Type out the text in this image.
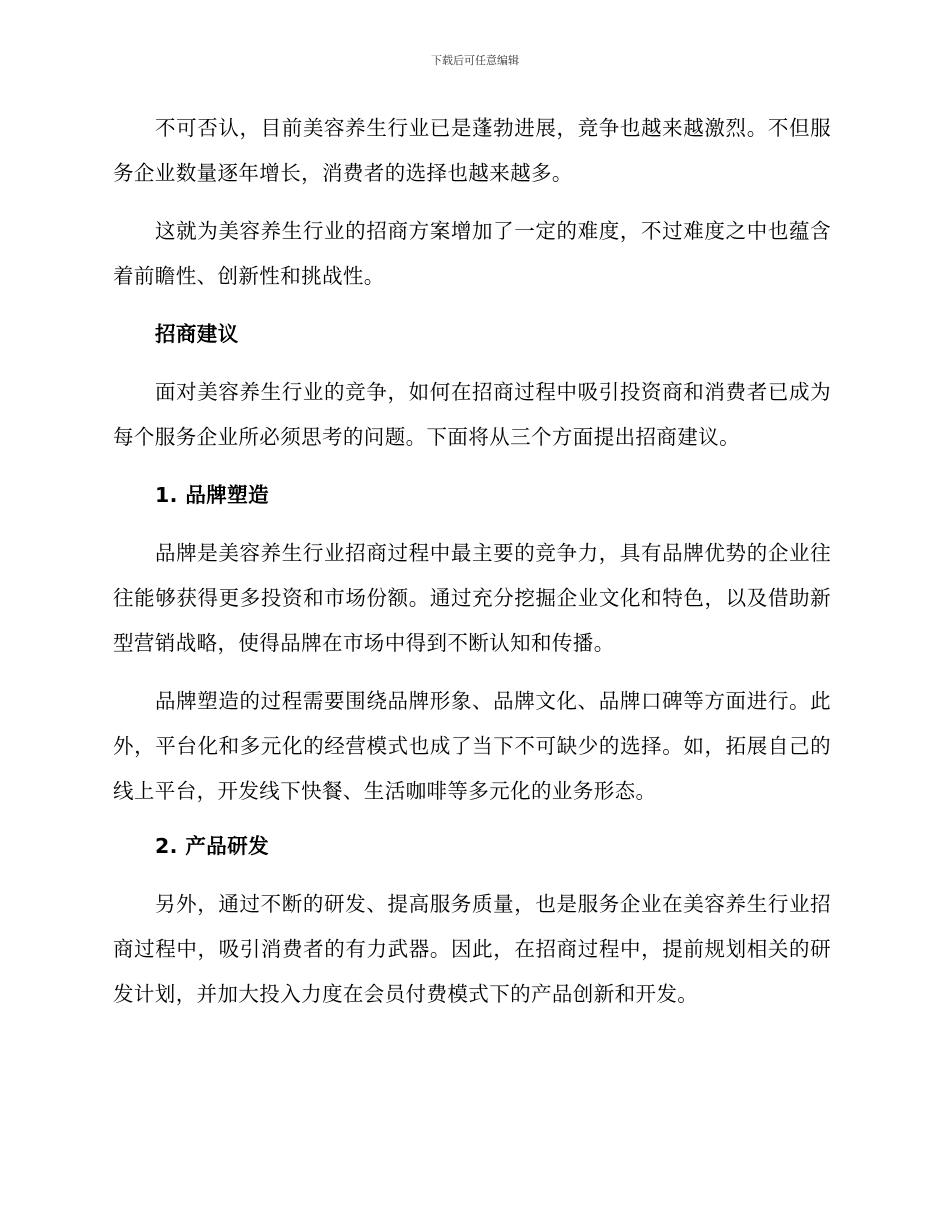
下载后可任意编辑

不可否认，目前美容养生行业已是蓬勃进展，竞争也越来越激烈。不但服务企业数量逐年增长，消费者的选择也越来越多。

这就为美容养生行业的招商方案增加了一定的难度，不过难度之中也蕴含着前瞻性、创新性和挑战性。

招商建议

面对美容养生行业的竞争，如何在招商过程中吸引投资商和消费者已成为每个服务企业所必须思考的问题。下面将从三个方面提出招商建议。

1. 品牌塑造

品牌是美容养生行业招商过程中最主要的竞争力，具有品牌优势的企业往往能够获得更多投资和市场份额。通过充分挖掘企业文化和特色，以及借助新型营销战略，使得品牌在市场中得到不断认知和传播。

品牌塑造的过程需要围绕品牌形象、品牌文化、品牌口碑等方面进行。此外，平台化和多元化的经营模式也成了当下不可缺少的选择。如，拓展自己的线上平台，开发线下快餐、生活咖啡等多元化的业务形态。

2. 产品研发

另外，通过不断的研发、提高服务质量，也是服务企业在美容养生行业招商过程中，吸引消费者的有力武器。因此，在招商过程中，提前规划相关的研发计划，并加大投入力度在会员付费模式下的产品创新和开发。
